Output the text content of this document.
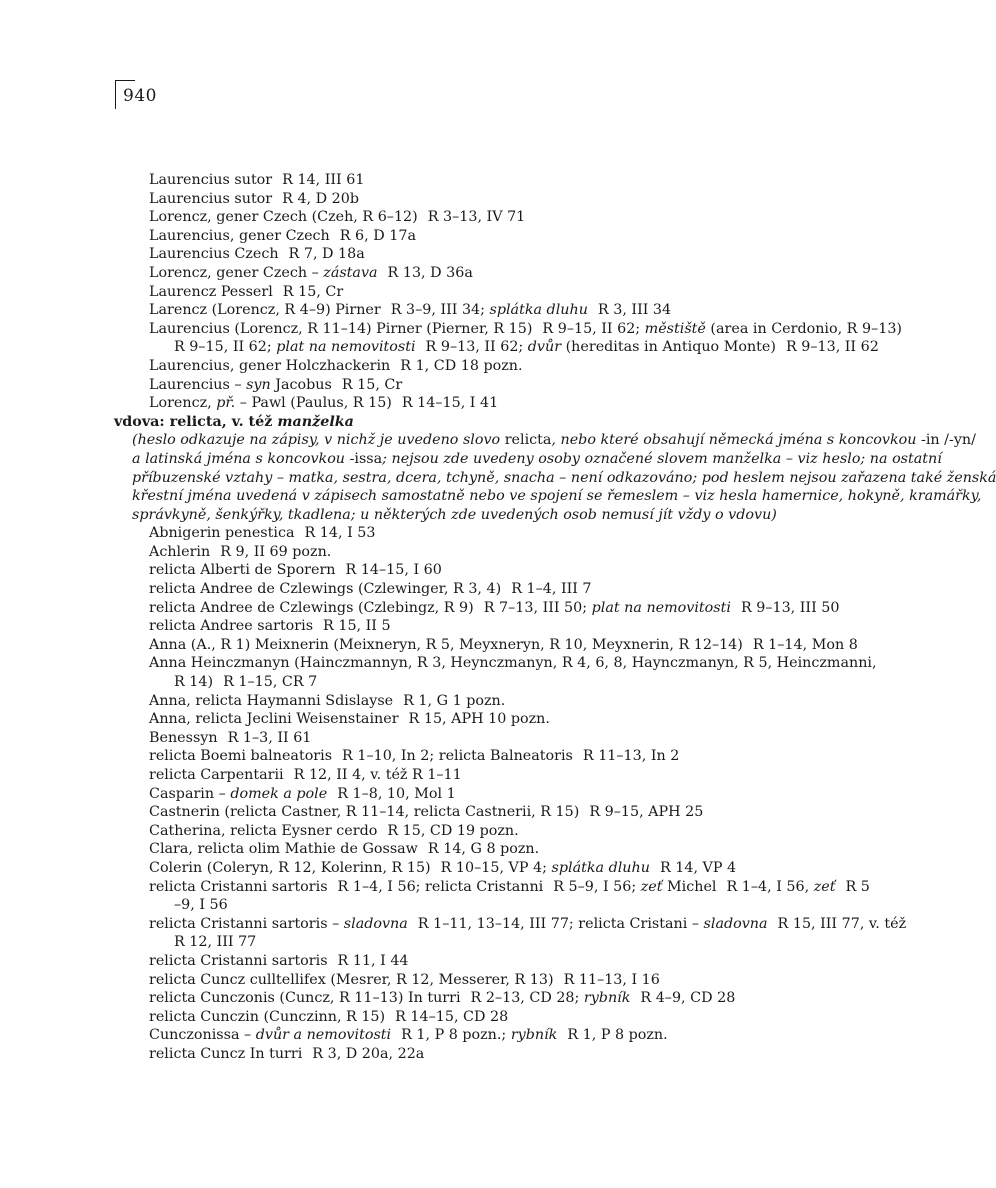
940
Laurencius sutor R 14, III 61
Laurencius sutor R 4, D 20b
Lorencz, gener Czech (Czeh, R 6–12) R 3–13, IV 71
Laurencius, gener Czech R 6, D 17a
Laurencius Czech R 7, D 18a
Lorencz, gener Czech – zástava R 13, D 36a
Laurencz Pesserl R 15, Cr
Larencz (Lorencz, R 4–9) Pirner R 3–9, III 34; splátka dluhu R 3, III 34
Laurencius (Lorencz, R 11–14) Pirner (Pierner, R 15) R 9–15, II 62; městiště (area in Cerdonio, R 9–13)
R 9–15, II 62; plat na nemovitosti R 9–13, II 62; dvůr (hereditas in Antiquo Monte) R 9–13, II 62
Laurencius, gener Holczhackerin R 1, CD 18 pozn.
Laurencius – syn Jacobus R 15, Cr
Lorencz, př. – Pawl (Paulus, R 15) R 14–15, I 41
vdova: relicta, v. též manželka
(heslo odkazuje na zápisy, v nichž je uvedeno slovo relicta, nebo které obsahují německá jména s koncovkou -in /-yn/
a latinská jména s koncovkou -issa; nejsou zde uvedeny osoby označené slovem manželka – viz heslo; na ostatní
příbuzenské vztahy – matka, sestra, dcera, tchyně, snacha – není odkazováno; pod heslem nejsou zařazena také ženská
křestní jména uvedená v zápisech samostatně nebo ve spojení se řemeslem – viz hesla hamernice, hokyně, kramářky,
správkyně, šenkýřky, tkadlena; u některých zde uvedených osob nemusí jít vždy o vdovu)
Abnigerin penestica R 14, I 53
Achlerin R 9, II 69 pozn.
relicta Alberti de Sporern R 14–15, I 60
relicta Andree de Czlewings (Czlewinger, R 3, 4) R 1–4, III 7
relicta Andree de Czlewings (Czlebingz, R 9) R 7–13, III 50; plat na nemovitosti R 9–13, III 50
relicta Andree sartoris R 15, II 5
Anna (A., R 1) Meixnerin (Meixneryn, R 5, Meyxneryn, R 10, Meyxnerin, R 12–14) R 1–14, Mon 8
Anna Heinczmanyn (Hainczmannyn, R 3, Heynczmanyn, R 4, 6, 8, Haynczmanyn, R 5, Heinczmanni,
R 14) R 1–15, CR 7
Anna, relicta Haymanni Sdislayse R 1, G 1 pozn.
Anna, relicta Jeclini Weisenstainer R 15, APH 10 pozn.
Benessyn R 1–3, II 61
relicta Boemi balneatoris R 1–10, In 2; relicta Balneatoris R 11–13, In 2
relicta Carpentarii R 12, II 4, v. též R 1–11
Casparin – domek a pole R 1–8, 10, Mol 1
Castnerin (relicta Castner, R 11–14, relicta Castnerii, R 15) R 9–15, APH 25
Catherina, relicta Eysner cerdo R 15, CD 19 pozn.
Clara, relicta olim Mathie de Gossaw R 14, G 8 pozn.
Colerin (Coleryn, R 12, Kolerinn, R 15) R 10–15, VP 4; splátka dluhu R 14, VP 4
relicta Cristanni sartoris R 1–4, I 56; relicta Cristanni R 5–9, I 56; zeť Michel R 1–4, I 56, zeť R 5
–9, I 56
relicta Cristanni sartoris – sladovna R 1–11, 13–14, III 77; relicta Cristani – sladovna R 15, III 77, v. též
R 12, III 77
relicta Cristanni sartoris R 11, I 44
relicta Cuncz culltellifex (Mesrer, R 12, Messerer, R 13) R 11–13, I 16
relicta Cunczonis (Cuncz, R 11–13) In turri R 2–13, CD 28; rybník R 4–9, CD 28
relicta Cunczin (Cunczinn, R 15) R 14–15, CD 28
Cunczonissa – dvůr a nemovitosti R 1, P 8 pozn.; rybník R 1, P 8 pozn.
relicta Cuncz In turri R 3, D 20a, 22a
